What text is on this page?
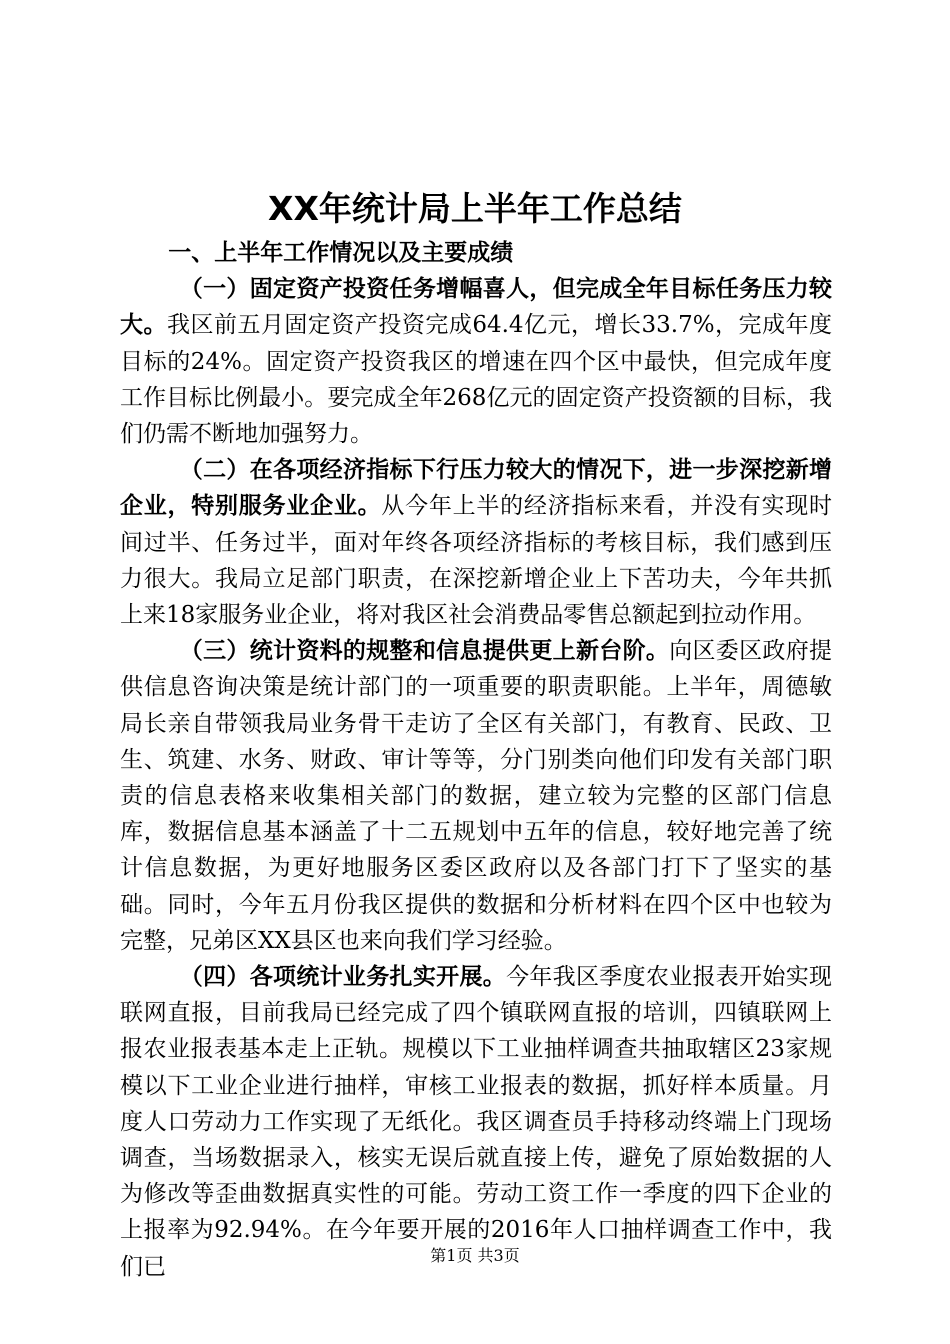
XX年统计局上半年工作总结

一、上半年工作情况以及主要成绩

（一）固定资产投资任务增幅喜人，但完成全年目标任务压力较大。我区前五月固定资产投资完成64.4亿元，增长33.7%，完成年度目标的24%。固定资产投资我区的增速在四个区中最快，但完成年度工作目标比例最小。要完成全年268亿元的固定资产投资额的目标，我们仍需不断地加强努力。

（二）在各项经济指标下行压力较大的情况下，进一步深挖新增企业，特别服务业企业。从今年上半的经济指标来看，并没有实现时间过半、任务过半，面对年终各项经济指标的考核目标，我们感到压力很大。我局立足部门职责，在深挖新增企业上下苦功夫，今年共抓上来18家服务业企业，将对我区社会消费品零售总额起到拉动作用。

（三）统计资料的规整和信息提供更上新台阶。向区委区政府提供信息咨询决策是统计部门的一项重要的职责职能。上半年，周德敏局长亲自带领我局业务骨干走访了全区有关部门，有教育、民政、卫生、筑建、水务、财政、审计等等，分门别类向他们印发有关部门职责的信息表格来收集相关部门的数据，建立较为完整的区部门信息库，数据信息基本涵盖了十二五规划中五年的信息，较好地完善了统计信息数据，为更好地服务区委区政府以及各部门打下了坚实的基础。同时，今年五月份我区提供的数据和分析材料在四个区中也较为完整，兄弟区XX县区也来向我们学习经验。

（四）各项统计业务扎实开展。今年我区季度农业报表开始实现联网直报，目前我局已经完成了四个镇联网直报的培训，四镇联网上报农业报表基本走上正轨。规模以下工业抽样调查共抽取辖区23家规模以下工业企业进行抽样，审核工业报表的数据，抓好样本质量。月度人口劳动力工作实现了无纸化。我区调查员手持移动终端上门现场调查，当场数据录入，核实无误后就直接上传，避免了原始数据的人为修改等歪曲数据真实性的可能。劳动工资工作一季度的四下企业的上报率为92.94%。在今年要开展的2016年人口抽样调查工作中，我们已	第1页 共3页
